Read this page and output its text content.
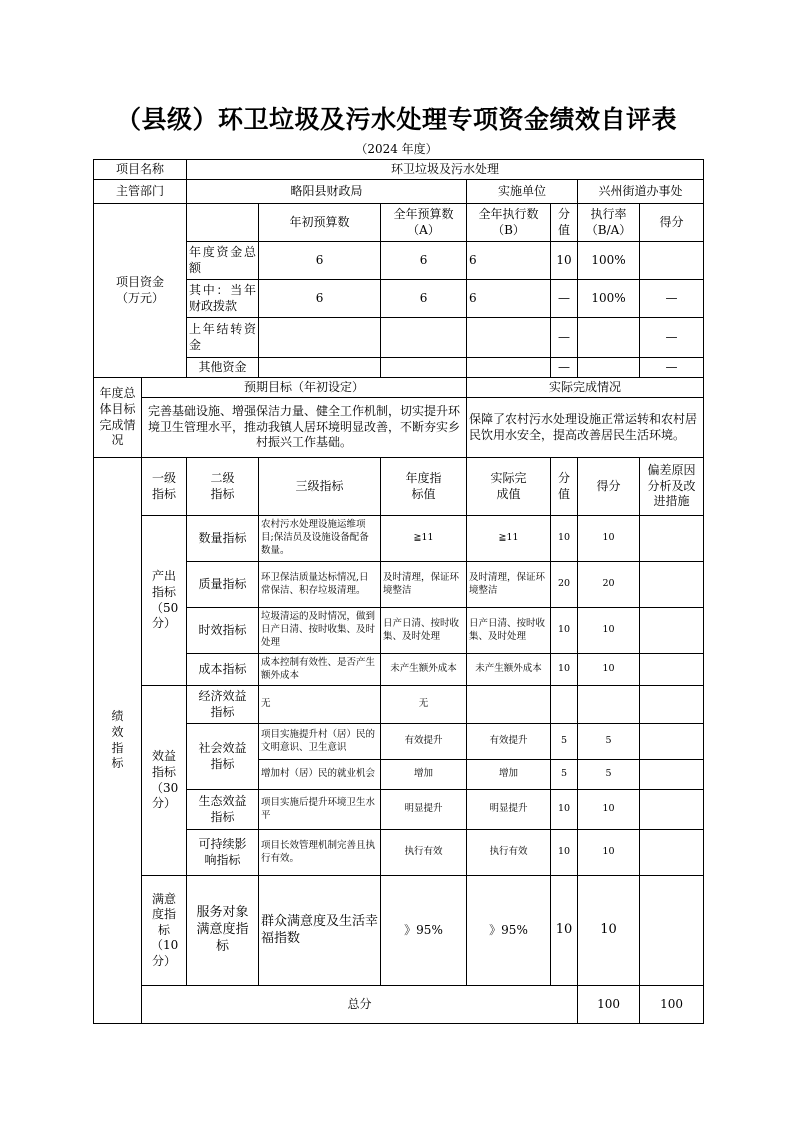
（县级）环卫垃圾及污水处理专项资金绩效自评表
（2024 年度）
项目名称		环卫垃圾及污水处理							
主管部门		略阳县财政局			实施单位		兴州街道办事处		
项目资金（万元）			年初预算数	全年预算数（A）	全年执行数（B）	分值	执行率（B/A）	得分	
		年度资金总额	6	6	6	10	100%		
		其中：当年财政拨款	6	6	6	—	100%	—	
		上年结转资金				—		—	
		其他资金				—		—	
年度总体目标完成情况	预期目标（年初设定）				实际完成情况				
	完善基础设施、增强保洁力量、健全工作机制，切实提升环境卫生管理水平，推动我镇人居环境明显改善，不断夯实乡村振兴工作基础。				保障了农村污水处理设施正常运转和农村居民饮用水安全，提高改善居民生活环境。				
绩效指标	一级指标	二级指标	三级指标	年度指标值	实际完成值	分值	得分	偏差原因分析及改进措施	
	产出指标（50分）	数量指标	农村污水处理设施运维项目;保洁员及设施设备配备数量。	≧11	≧11	10	10		
		质量指标	环卫保洁质量达标情况,日常保洁、积存垃圾清理。	及时清理，保证环境整洁	及时清理，保证环境整洁	20	20		
		时效指标	垃圾清运的及时情况，做到日产日清、按时收集、及时处理	日产日清、按时收集、及时处理	日产日清、按时收集、及时处理	10	10		
		成本指标	成本控制有效性、是否产生额外成本	未产生额外成本	未产生额外成本	10	10		
	效益指标（30分）	经济效益指标	无	无					
		社会效益指标	项目实施提升村（居）民的文明意识、卫生意识	有效提升	有效提升	5	5		
			增加村（居）民的就业机会	增加	增加	5	5		
		生态效益指标	项目实施后提升环境卫生水平	明显提升	明显提升	10	10		
		可持续影响指标	项目长效管理机制完善且执行有效。	执行有效	执行有效	10	10		
	满意度指标（10分）	服务对象满意度指标	群众满意度及生活幸福指数	》95%	》95%	10	10		
	总分						100	100	
